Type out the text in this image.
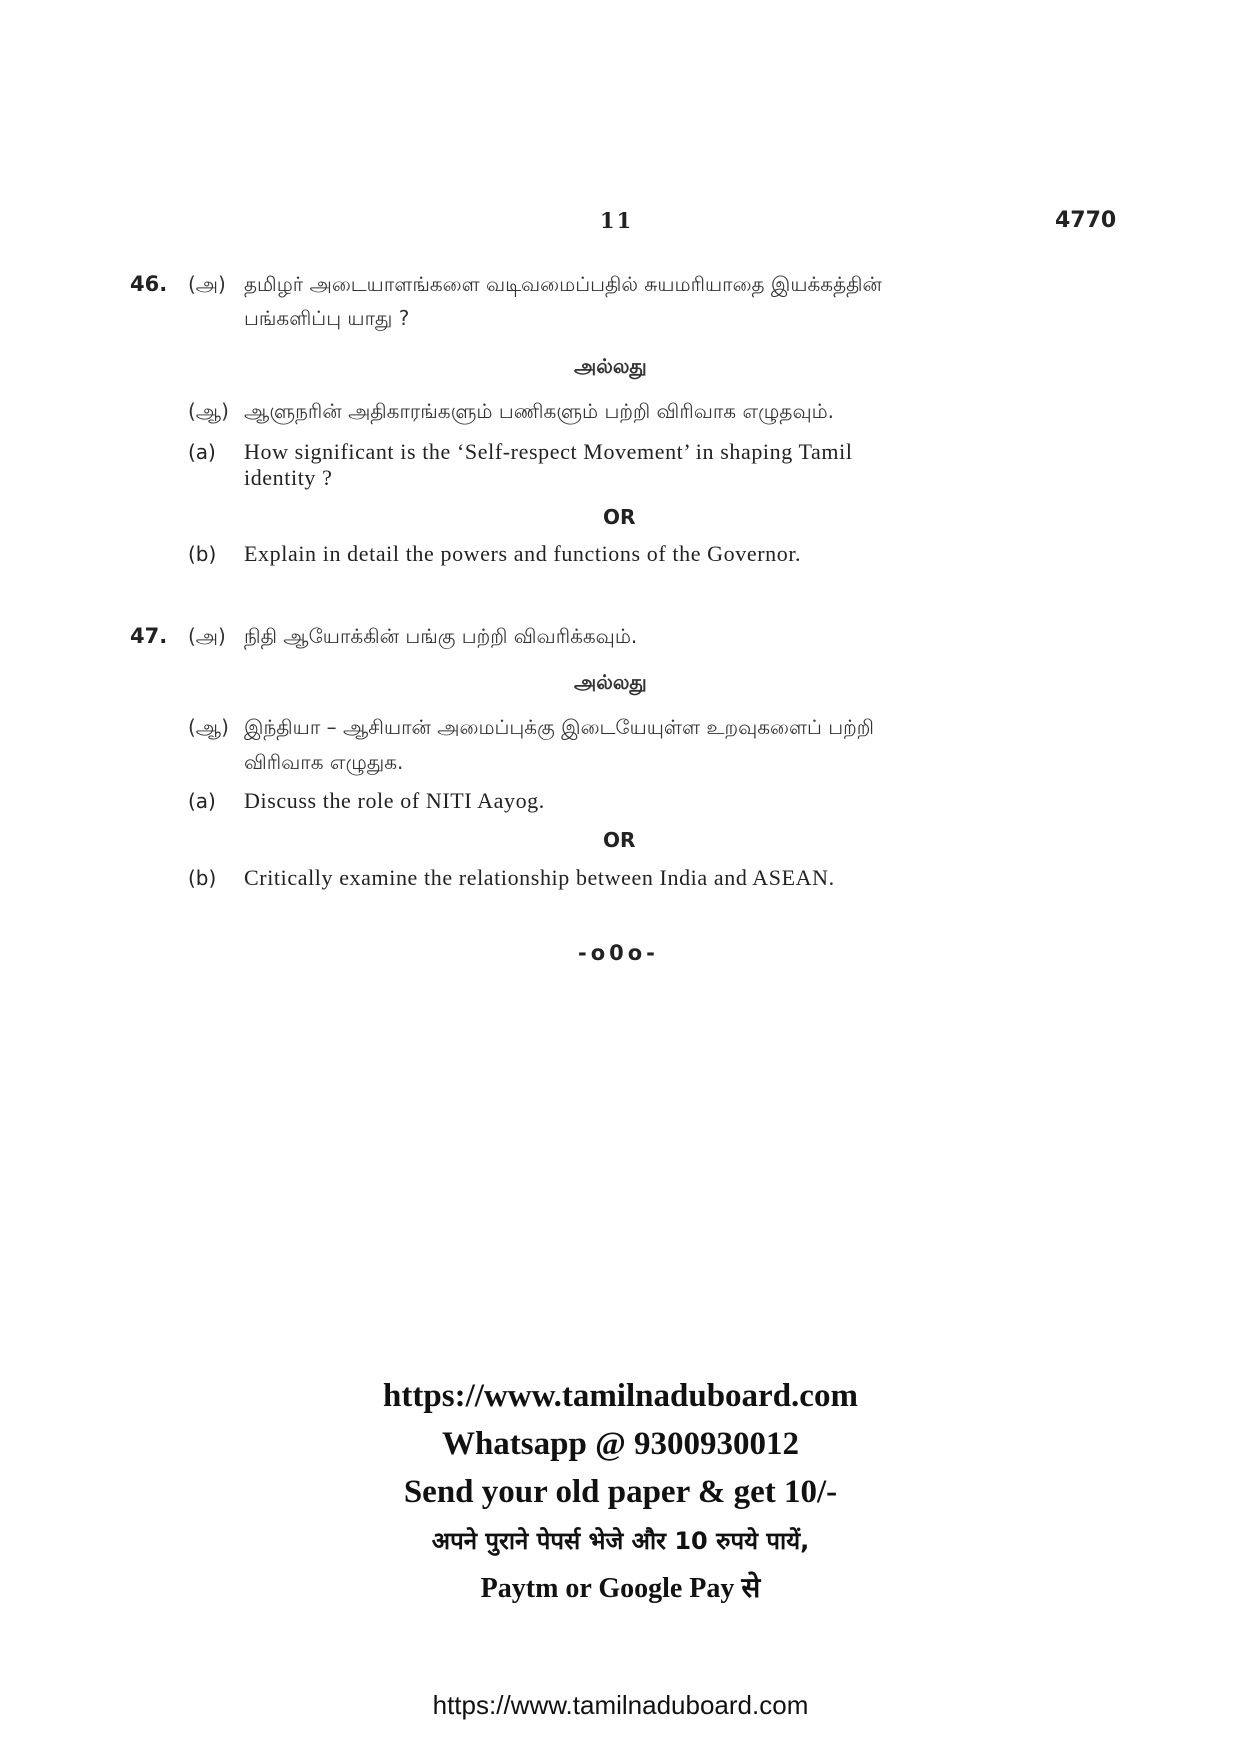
11	4770
46. (அ) தமிழர் அடையாளங்களை வடிவமைப்பதில் சுயமரியாதை இயக்கத்தின்
பங்களிப்பு யாது ?
அல்லது
(ஆ) ஆளுநரின் அதிகாரங்களும் பணிகளும் பற்றி விரிவாக எழுதவும்.
(a) How significant is the ‘Self-respect Movement’ in shaping Tamil
identity ?
OR
(b) Explain in detail the powers and functions of the Governor.
47. (அ) நிதி ஆயோக்கின் பங்கு பற்றி விவரிக்கவும்.
அல்லது
(ஆ) இந்தியா – ஆசியான் அமைப்புக்கு இடையேயுள்ள உறவுகளைப் பற்றி
விரிவாக எழுதுக.
(a) Discuss the role of NITI Aayog.
OR
(b) Critically examine the relationship between India and ASEAN.
-o0o-
https://www.tamilnaduboard.com
Whatsapp @ 9300930012
Send your old paper & get 10/-
अपने पुराने पेपर्स भेजे और 10 रुपये पायें,
Paytm or Google Pay से
https://www.tamilnaduboard.com
